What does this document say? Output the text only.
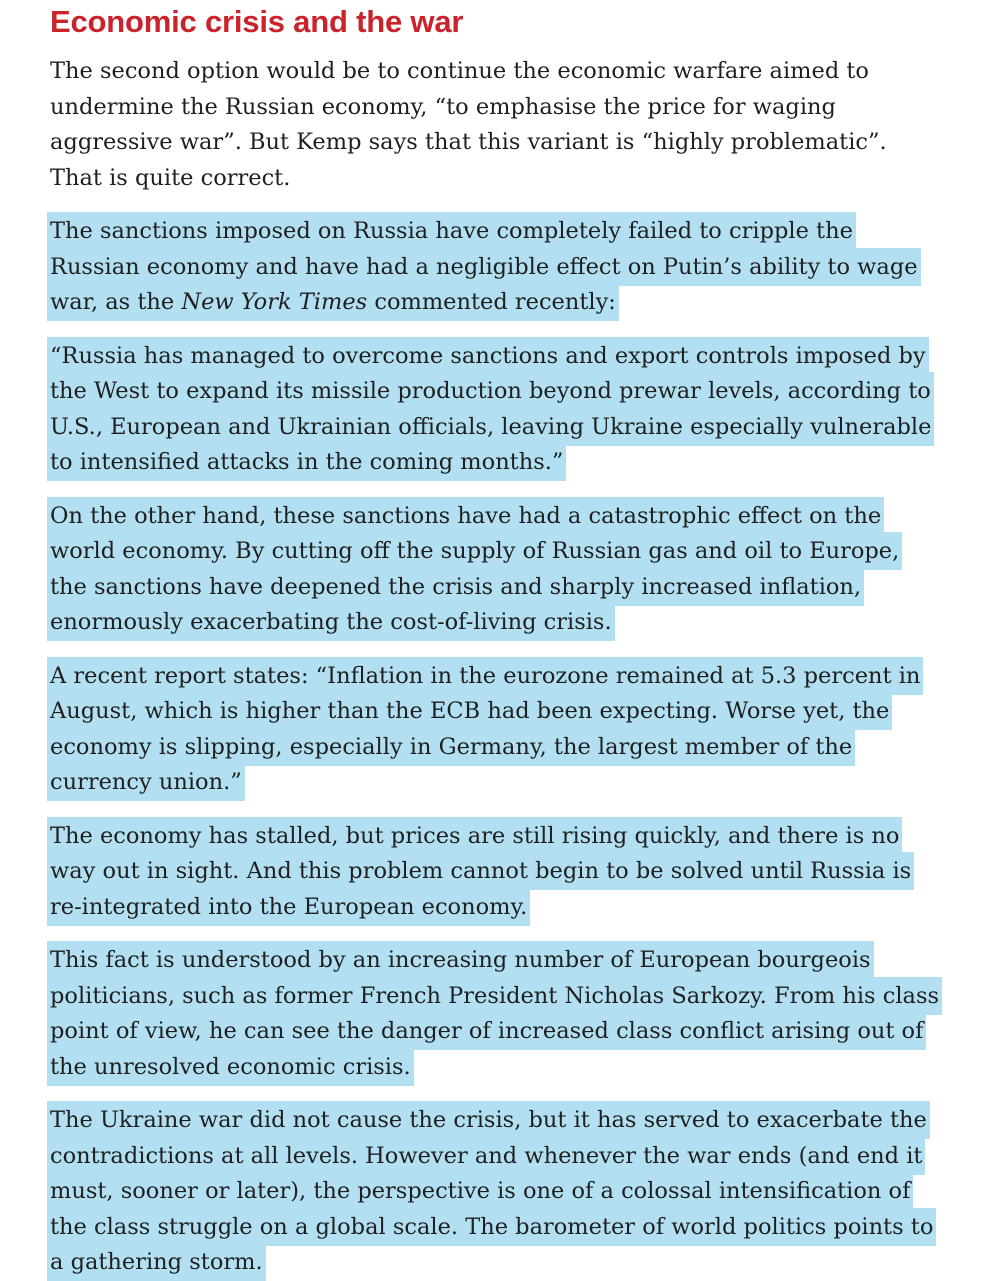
Economic crisis and the war

The second option would be to continue the economic warfare aimed to undermine the Russian economy, “to emphasise the price for waging aggressive war”. But Kemp says that this variant is “highly problematic”. That is quite correct.

The sanctions imposed on Russia have completely failed to cripple the Russian economy and have had a negligible effect on Putin’s ability to wage war, as the New York Times commented recently:

“Russia has managed to overcome sanctions and export controls imposed by the West to expand its missile production beyond prewar levels, according to U.S., European and Ukrainian officials, leaving Ukraine especially vulnerable to intensified attacks in the coming months.”

On the other hand, these sanctions have had a catastrophic effect on the world economy. By cutting off the supply of Russian gas and oil to Europe, the sanctions have deepened the crisis and sharply increased inflation, enormously exacerbating the cost-of-living crisis.

A recent report states: “Inflation in the eurozone remained at 5.3 percent in August, which is higher than the ECB had been expecting. Worse yet, the economy is slipping, especially in Germany, the largest member of the currency union.”

The economy has stalled, but prices are still rising quickly, and there is no way out in sight. And this problem cannot begin to be solved until Russia is re-integrated into the European economy.

This fact is understood by an increasing number of European bourgeois politicians, such as former French President Nicholas Sarkozy. From his class point of view, he can see the danger of increased class conflict arising out of the unresolved economic crisis.

The Ukraine war did not cause the crisis, but it has served to exacerbate the contradictions at all levels. However and whenever the war ends (and end it must, sooner or later), the perspective is one of a colossal intensification of the class struggle on a global scale. The barometer of world politics points to a gathering storm.
